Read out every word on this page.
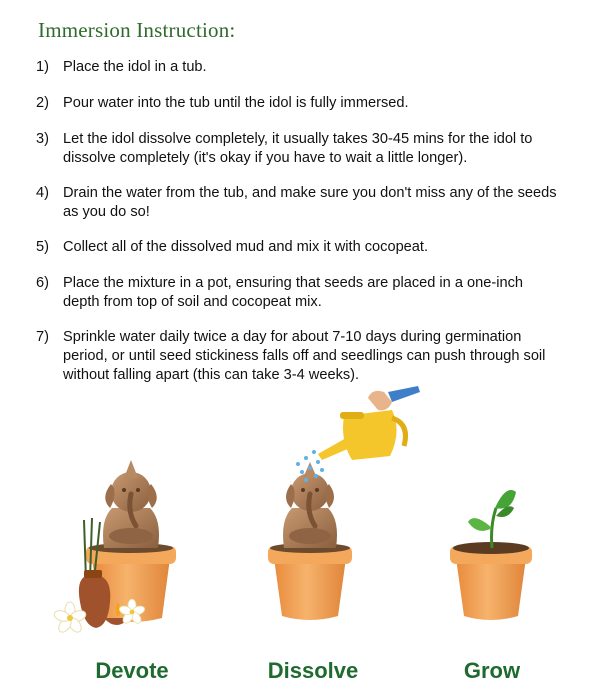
Immersion Instruction:
1) Place the idol in a tub.
2) Pour water into the tub until the idol is fully immersed.
3) Let the idol dissolve completely, it usually takes 30-45 mins for the idol to dissolve completely (it's okay if you have to wait a little longer).
4) Drain the water from the tub, and make sure you don't miss any of the seeds as you do so!
5) Collect all of the dissolved mud and mix it with cocopeat.
6) Place the mixture in a pot, ensuring that seeds are placed in a one-inch depth from top of soil and cocopeat mix.
7) Sprinkle water daily twice a day for about 7-10 days during germination period, or until seed stickiness falls off and seedlings can push through soil without falling apart (this can take 3-4 weeks).
Devote	Dissolve	Grow
